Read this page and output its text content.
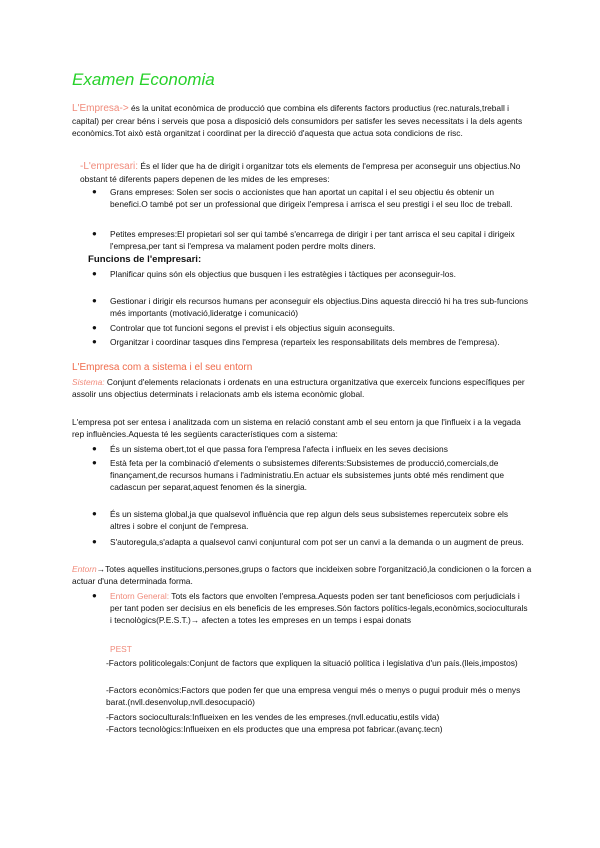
Examen Economia
L'Empresa-> és la unitat econòmica de producció que combina els diferents factors productius (rec.naturals,treball i capital) per crear béns i serveis que posa a disposició dels consumidors per satisfer les seves necessitats i la dels agents econòmics.Tot això està organitzat i coordinat per la direcció d'aquesta que actua sota condicions de risc.
-L'empresari: És el líder que ha de dirigit i organitzar tots els elements de l'empresa per aconseguir uns objectius.No obstant té diferents papers depenen de les mides de les empreses:
● Grans empreses: Solen ser socis o accionistes que han aportat un capital i el seu objectiu és obtenir un benefici.O també pot ser un professional que dirigeix l'empresa i arrisca el seu prestigi i el seu lloc de treball.
● Petites empreses:El propietari sol ser qui també s'encarrega de dirigir i per tant arrisca el seu capital i dirigeix l'empresa,per tant si l'empresa va malament poden perdre molts diners.
Funcions de l'empresari:
● Planificar quins són els objectius que busquen i les estratègies i tàctiques per aconseguir-los.
● Gestionar i dirigir els recursos humans per aconseguir els objectius.Dins aquesta direcció hi ha tres sub-funcions més importants (motivació,lideratge i comunicació)
● Controlar que tot funcioni segons el previst i els objectius siguin aconseguits.
● Organitzar i coordinar tasques dins l'empresa (reparteix les responsabilitats dels membres de l'empresa).
L'Empresa com a sistema i el seu entorn
Sistema: Conjunt d'elements relacionats i ordenats en una estructura organitzativa que exerceix funcions específiques per assolir uns objectius determinats i relacionats amb els istema econòmic global.
L'empresa pot ser entesa i analitzada com un sistema en relació constant amb el seu entorn ja que l'influeix i a la vegada rep influències.Aquesta té les següents característiques com a sistema:
● És un sistema obert,tot el que passa fora l'empresa l'afecta i influeix en les seves decisions
● Està feta per la combinació d'elements o subsistemes diferents:Subsistemes de producció,comercials,de finançament,de recursos humans i l'administratiu.En actuar els subsistemes junts obté més rendiment que cadascun per separat,aquest fenomen és la sinergia.
● És un sistema global,ja que qualsevol influència que rep algun dels seus subsistemes repercuteix sobre els altres i sobre el conjunt de l'empresa.
● S'autoregula,s'adapta a qualsevol canvi conjuntural com pot ser un canvi a la demanda o un augment de preus.
Entorn→Totes aquelles institucions,persones,grups o factors que incideixen sobre l'organització,la condicionen o la forcen a actuar d'una determinada forma.
● Entorn General: Tots els factors que envolten l'empresa.Aquests poden ser tant beneficiosos com perjudicials i per tant poden ser decisius en els beneficis de les empreses.Són factors polítics-legals,econòmics,socioculturals i tecnològics(P.E.S.T.)→ afecten a totes les empreses en un temps i espai donats
PEST
-Factors politicolegals:Conjunt de factors que expliquen la situació política i legislativa d'un país.(lleis,impostos)
-Factors econòmics:Factors que poden fer que una empresa vengui més o menys o pugui produir més o menys barat.(nvll.desenvolup,nvll.desocupació)
-Factors socioculturals:Influeixen en les vendes de les empreses.(nvll.educatiu,estils vida)
-Factors tecnològics:Influeixen en els productes que una empresa pot fabricar.(avanç.tecn)
